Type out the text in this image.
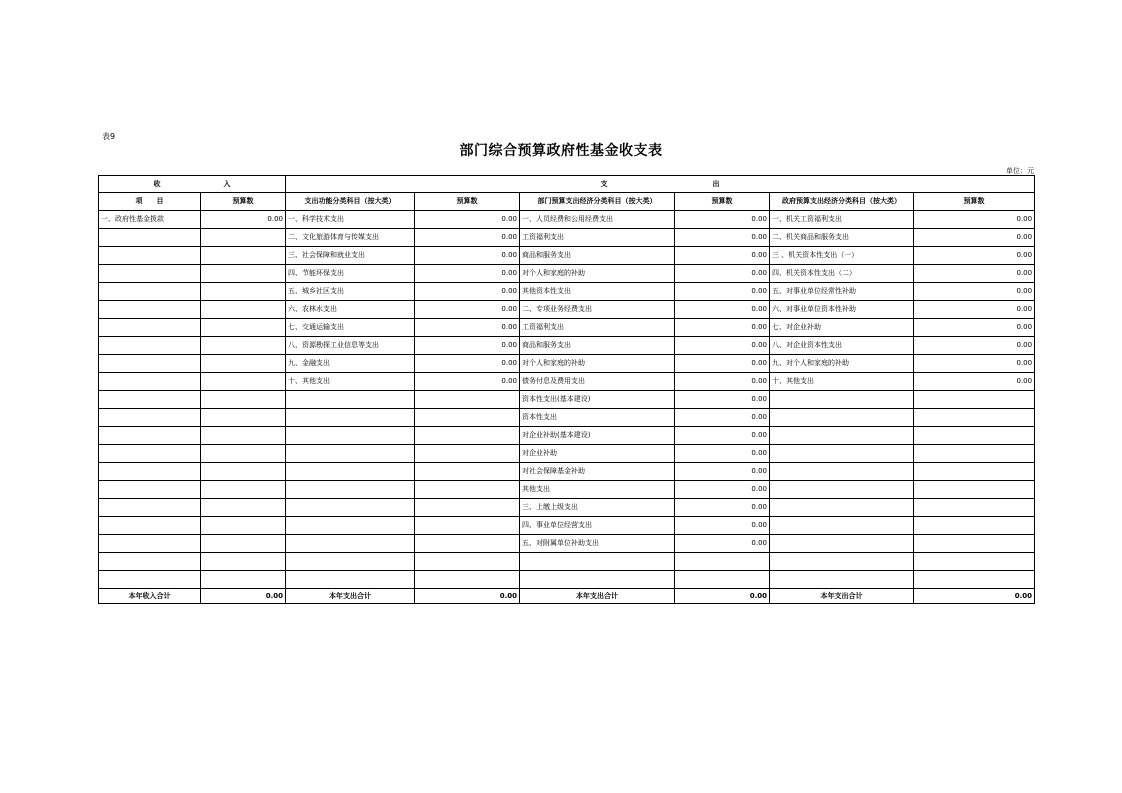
表9
部门综合预算政府性基金收支表
单位：元
收　　　　　　　　　入		支　　　　　　　　　　　　　　　出					
项　　目	预算数	支出功能分类科目（按大类）	预算数	部门预算支出经济分类科目（按大类）	预算数	政府预算支出经济分类科目（按大类）	预算数
一、政府性基金拨款	0.00	一、科学技术支出	0.00	一、人员经费和公用经费支出	0.00	一、机关工资福利支出	0.00
		二、文化旅游体育与传媒支出	0.00	工资福利支出	0.00	二、机关商品和服务支出	0.00
		三、社会保障和就业支出	0.00	商品和服务支出	0.00	三 、机关资本性支出（一）	0.00
		四、节能环保支出	0.00	对个人和家庭的补助	0.00	四、机关资本性支出（二）	0.00
		五、城乡社区支出	0.00	其他资本性支出	0.00	五、对事业单位经常性补助	0.00
		六、农林水支出	0.00	二、专项业务经费支出	0.00	六、对事业单位资本性补助	0.00
		七、交通运输支出	0.00	工资福利支出	0.00	七、对企业补助	0.00
		八、资源勘探工业信息等支出	0.00	商品和服务支出	0.00	八、对企业资本性支出	0.00
		九、金融支出	0.00	对个人和家庭的补助	0.00	九、对个人和家庭的补助	0.00
		十、其他支出	0.00	债务付息及费用支出	0.00	十、其他支出	0.00
				资本性支出(基本建设)	0.00		
				资本性支出	0.00		
				对企业补助(基本建设)	0.00		
				对企业补助	0.00		
				对社会保障基金补助	0.00		
				其他支出	0.00		
				三、上缴上级支出	0.00		
				四、事业单位经营支出	0.00		
				五、对附属单位补助支出	0.00		

本年收入合计	0.00	本年支出合计	0.00	本年支出合计	0.00	本年支出合计	0.00
